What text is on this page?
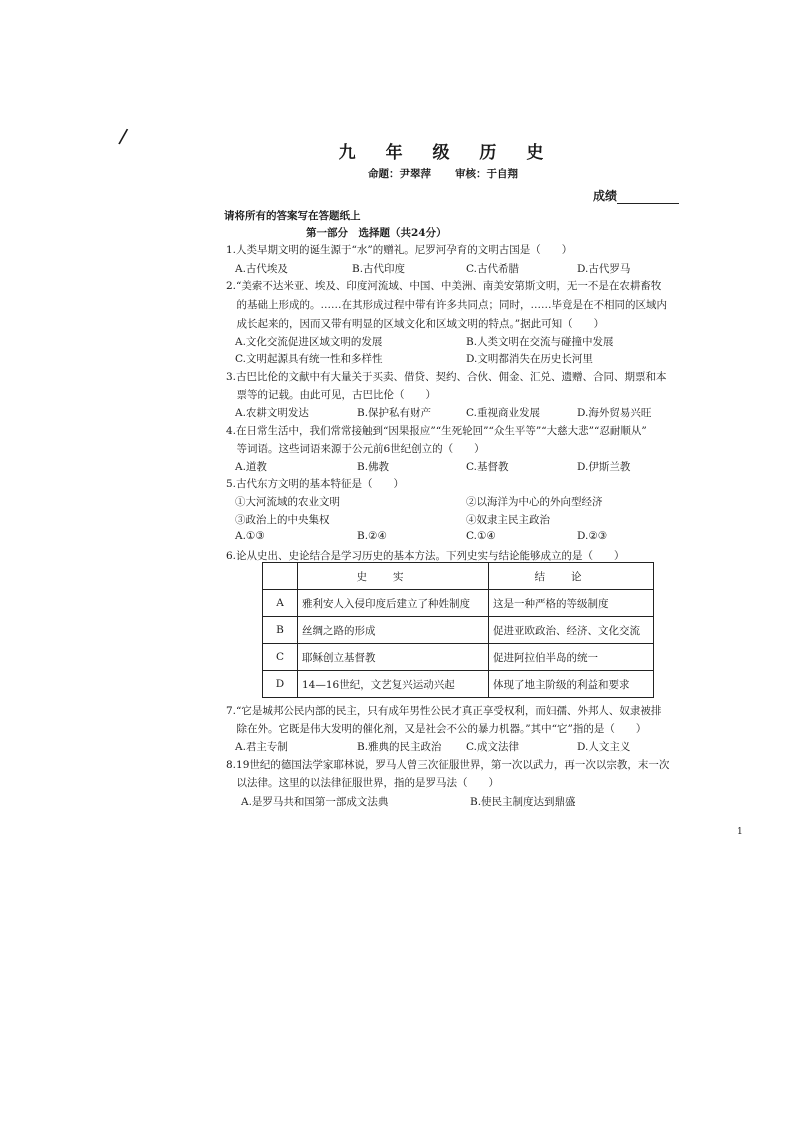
/
九 年 级 历 史
命题：尹翠萍 审核：于自翔
成绩
请将所有的答案写在答题纸上
第一部分　选择题（共24分）
1.人类早期文明的诞生源于“水”的赠礼。尼罗河孕育的文明古国是（　　）
A.古代埃及	B.古代印度	C.古代希腊	D.古代罗马
2.“美索不达米亚、埃及、印度河流域、中国、中美洲、南美安第斯文明，无一不是在农耕畜牧
　的基础上形成的。……在其形成过程中带有许多共同点；同时，……毕竟是在不相同的区域内
　成长起来的，因而又带有明显的区域文化和区域文明的特点。”据此可知（　　）
A.文化交流促进区域文明的发展	B.人类文明在交流与碰撞中发展
C.文明起源具有统一性和多样性	D.文明都消失在历史长河里
3.古巴比伦的文献中有大量关于买卖、借贷、契约、合伙、佣金、汇兑、遗赠、合同、期票和本
　票等的记载。由此可见，古巴比伦（　　）
A.农耕文明发达	B.保护私有财产	C.重视商业发展	D.海外贸易兴旺
4.在日常生活中，我们常常接触到“因果报应”“生死轮回”“众生平等”“大慈大悲”“忍耐顺从”
　等词语。这些词语来源于公元前6世纪创立的（　　）
A.道教	B.佛教	C.基督教	D.伊斯兰教
5.古代东方文明的基本特征是（　　）
①大河流域的农业文明	②以海洋为中心的外向型经济
③政治上的中央集权	④奴隶主民主政治
A.①③	B.②④	C.①④	D.②③
6.论从史出、史论结合是学习历史的基本方法。下列史实与结论能够成立的是（　　）
	史实	结论
A	雅利安人入侵印度后建立了种姓制度	这是一种严格的等级制度
B	丝绸之路的形成	促进亚欧政治、经济、文化交流
C	耶稣创立基督教	促进阿拉伯半岛的统一
D	14—16世纪，文艺复兴运动兴起	体现了地主阶级的利益和要求
7.“它是城邦公民内部的民主，只有成年男性公民才真正享受权利，而妇孺、外邦人、奴隶被排
　除在外。它既是伟大发明的催化剂，又是社会不公的暴力机器。”其中“它”指的是（　　）
A.君主专制	B.雅典的民主政治 C.成文法律	D.人文主义
8.19世纪的德国法学家耶林说，罗马人曾三次征服世界，第一次以武力，再一次以宗教，末一次
　以法律。这里的以法律征服世界，指的是罗马法（　　）
A.是罗马共和国第一部成文法典	B.使民主制度达到鼎盛
1
